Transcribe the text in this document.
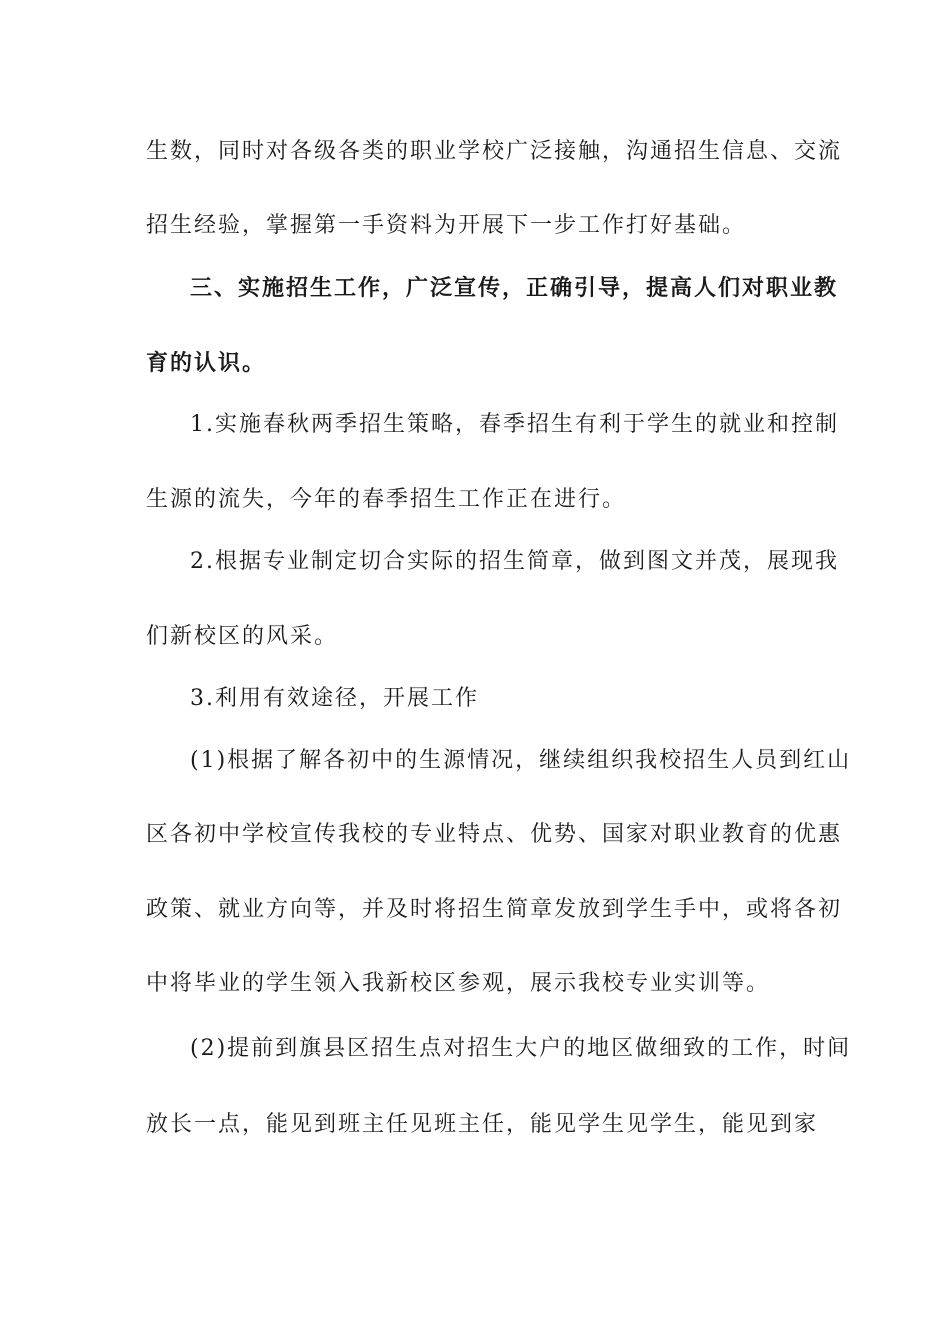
生数，同时对各级各类的职业学校广泛接触，沟通招生信息、交流
招生经验，掌握第一手资料为开展下一步工作打好基础。
三、实施招生工作，广泛宣传，正确引导，提高人们对职业教
育的认识。
1.实施春秋两季招生策略，春季招生有利于学生的就业和控制
生源的流失，今年的春季招生工作正在进行。
2.根据专业制定切合实际的招生简章，做到图文并茂，展现我
们新校区的风采。
3.利用有效途径，开展工作
(1)根据了解各初中的生源情况，继续组织我校招生人员到红山
区各初中学校宣传我校的专业特点、优势、国家对职业教育的优惠
政策、就业方向等，并及时将招生简章发放到学生手中，或将各初
中将毕业的学生领入我新校区参观，展示我校专业实训等。
(2)提前到旗县区招生点对招生大户的地区做细致的工作，时间
放长一点，能见到班主任见班主任，能见学生见学生，能见到家
